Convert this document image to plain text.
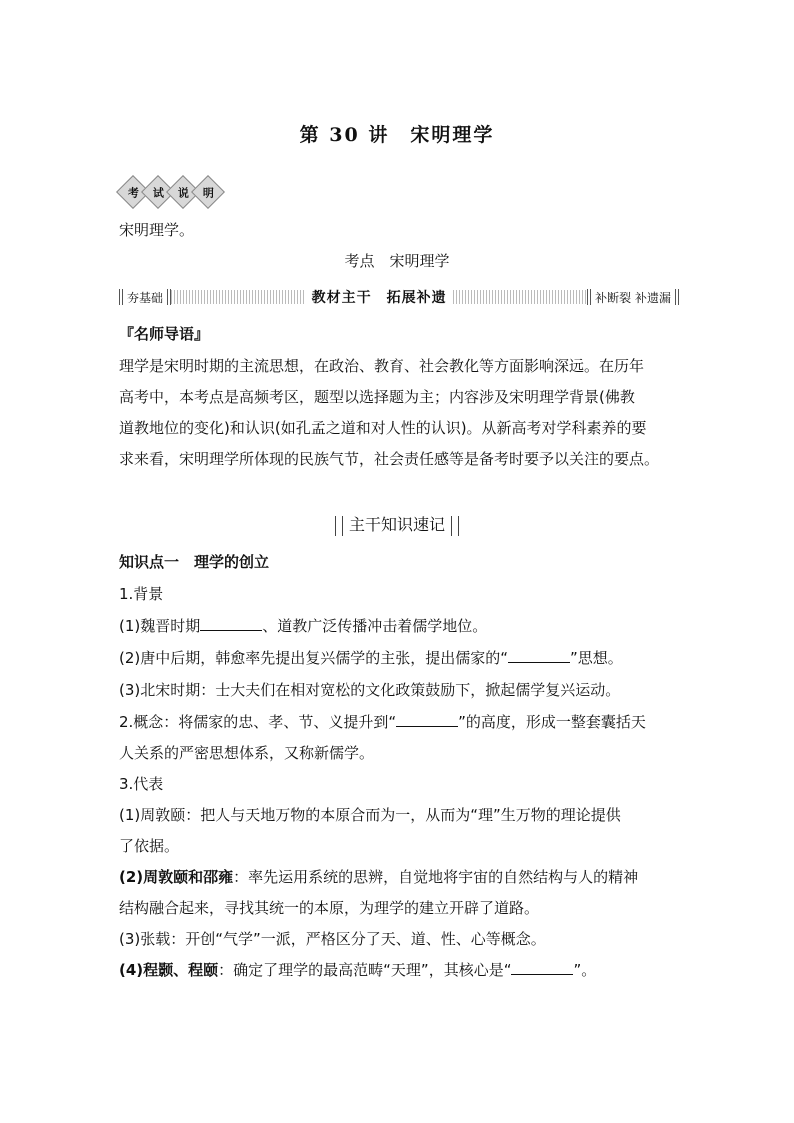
第 30 讲　宋明理学
考 试 说 明
宋明理学。
考点　宋明理学
夯基础	教材主干　拓展补遗	补断裂 补遗漏
『名师导语』
理学是宋明时期的主流思想，在政治、教育、社会教化等方面影响深远。在历年
高考中，本考点是高频考区，题型以选择题为主；内容涉及宋明理学背景(佛教
道教地位的变化)和认识(如孔孟之道和对人性的认识)。从新高考对学科素养的要
求来看，宋明理学所体现的民族气节，社会责任感等是备考时要予以关注的要点。
主干知识速记
知识点一　理学的创立
1.背景
(1)魏晋时期	、道教广泛传播冲击着儒学地位。
(2)唐中后期，韩愈率先提出复兴儒学的主张，提出儒家的“	”思想。
(3)北宋时期：士大夫们在相对宽松的文化政策鼓励下，掀起儒学复兴运动。
2.概念：将儒家的忠、孝、节、义提升到“	”的高度，形成一整套囊括天
人关系的严密思想体系，又称新儒学。
3.代表
(1)周敦颐：把人与天地万物的本原合而为一，从而为“理”生万物的理论提供
了依据。
(2)周敦颐和邵雍：率先运用系统的思辨，自觉地将宇宙的自然结构与人的精神
结构融合起来，寻找其统一的本原，为理学的建立开辟了道路。
(3)张载：开创“气学”一派，严格区分了天、道、性、心等概念。
(4)程颢、程颐：确定了理学的最高范畴“天理”，其核心是“	”。
